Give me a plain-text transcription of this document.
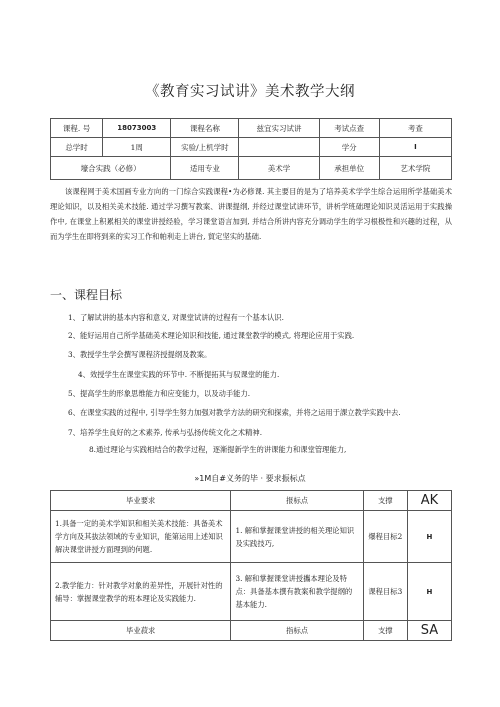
《教育实习试讲》美术教学大纲
课程. 号	18073003	课程名称	兹宜实习试讲	考试点查	考查
总学时	1周	实验/上机学时		学分	I
壕合实践（必修）		适用专业	美术学	承担单位	艺术学院
该课程网于美术国画专业方向的一门综合实践课程•为必修课. 其主要目的是为了培养美术学学生综合运用所学基础美术理论知识，以及相关美术技能. 通过学习撰写教案、讲课提纲, 并经过课堂试讲环节，讲析学班础理论知识灵活运用于实践操作中, 在课堂上积累相关的课堂讲授经验，学习课堂语言加到, 并结合所讲内容充分调动学生的学习根极性和兴趣的过程，从而为学生在即将到来的实习工作和帕利走上讲台, 貿定坚实的基础.
一、课程目标
1、了解试讲的基本内容和意义, 对课堂试讲的过程有一个基本认识.
2、能好运用自己所学基础美术理论知识和技能, 通过课堂教学的模式, 将理论应用于实践.
3、教授学生学会撰写课程济授提纲及教案。
4、效授学生在课堂实践的环节中. 不断提拓其与驭课堂的能力.
5、提高学生的形象思维能力和应变能力，以及动手能力.
6、在课堂实践的过程中, 引导学生努力加强对教学方法的研究和探索，并将之运用于課立教学实践中去.
7、培养学生良好的之术素养, 传承与弘扬传统文化之术精神.
8.通过理论与实践相结合的教学过程，逐渐提新学生的讲课能力和课堂管理能力,
»1M自#义务的毕 · 要求振标点
毕业要求	报标点	支撑	AK
1.具备一定的美术学知识和相关美术技能：具备美术学方向及其抜法领域的专业知识，能第运用上述知识解决课堂讲授方面理到的何题.	1. 解和掌握课堂讲授的相关理论知识及实践技巧,	爆程目标2	H
2.教学能力：针对教学对象的差异性，开展针对性的辅导：掌握课堂教学的班本理论及实践能力.	3. 解和掌握课堂讲授攜本理论及特点：具备基本撰有教案和教学提纲的基本能力.	课程目标3	H
毕业菽求	指标点	支撑	SA
